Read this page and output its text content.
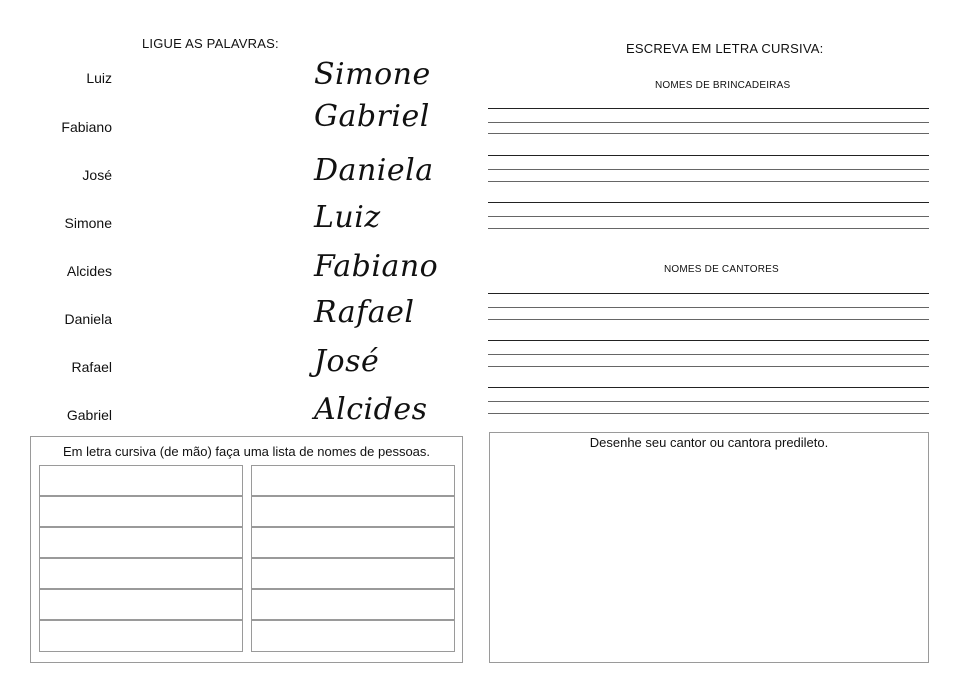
LIGUE AS PALAVRAS:
Luiz
Fabiano
José
Simone
Alcides
Daniela
Rafael
Gabriel
Simone
Gabriel
Daniela
Luiz
Fabiano
Rafael
José
Alcides
ESCREVA EM LETRA CURSIVA:
NOMES DE BRINCADEIRAS
NOMES DE CANTORES
Em letra cursiva (de mão) faça uma lista de nomes de pessoas.
Desenhe seu cantor ou cantora predileto.
